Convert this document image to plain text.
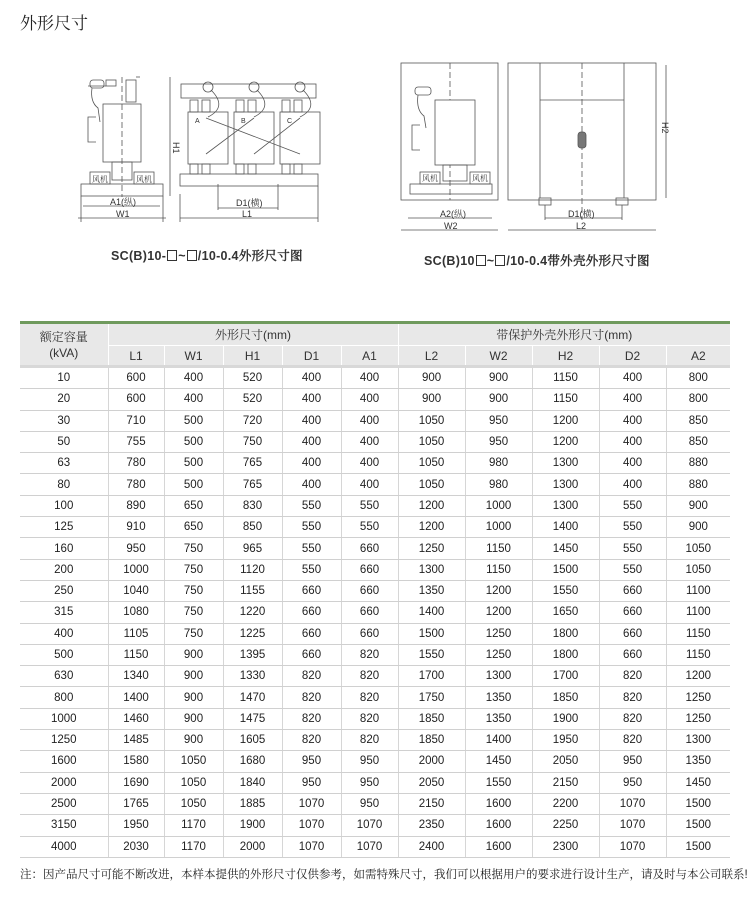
外形尺寸
H1
风机	风机
A1(纵)
W1
D1(横)
L1
A	B	C
SC(B)10- ~ /10-0.4外形尺寸图
H2
风机	风机
A2(纵)
W2
D1(横)
L2
SC(B)10 ~ /10-0.4带外壳外形尺寸图
额定容量
(kVA)	外形尺寸(mm)					带保护外壳外形尺寸(mm)				
	L1	W1	H1	D1	A1	L2	W2	H2	D2	A2
10	600	400	520	400	400	900	900	1150	400	800
20	600	400	520	400	400	900	900	1150	400	800
30	710	500	720	400	400	1050	950	1200	400	850
50	755	500	750	400	400	1050	950	1200	400	850
63	780	500	765	400	400	1050	980	1300	400	880
80	780	500	765	400	400	1050	980	1300	400	880
100	890	650	830	550	550	1200	1000	1300	550	900
125	910	650	850	550	550	1200	1000	1400	550	900
160	950	750	965	550	660	1250	1150	1450	550	1050
200	1000	750	1120	550	660	1300	1150	1500	550	1050
250	1040	750	1155	660	660	1350	1200	1550	660	1100
315	1080	750	1220	660	660	1400	1200	1650	660	1100
400	1105	750	1225	660	660	1500	1250	1800	660	1150
500	1150	900	1395	660	820	1550	1250	1800	660	1150
630	1340	900	1330	820	820	1700	1300	1700	820	1200
800	1400	900	1470	820	820	1750	1350	1850	820	1250
1000	1460	900	1475	820	820	1850	1350	1900	820	1250
1250	1485	900	1605	820	820	1850	1400	1950	820	1300
1600	1580	1050	1680	950	950	2000	1450	2050	950	1350
2000	1690	1050	1840	950	950	2050	1550	2150	950	1450
2500	1765	1050	1885	1070	950	2150	1600	2200	1070	1500
3150	1950	1170	1900	1070	1070	2350	1600	2250	1070	1500
4000	2030	1170	2000	1070	1070	2400	1600	2300	1070	1500
注：因产品尺寸可能不断改进，本样本提供的外形尺寸仅供参考，如需特殊尺寸，我们可以根据用户的要求进行设计生产，请及时与本公司联系!
